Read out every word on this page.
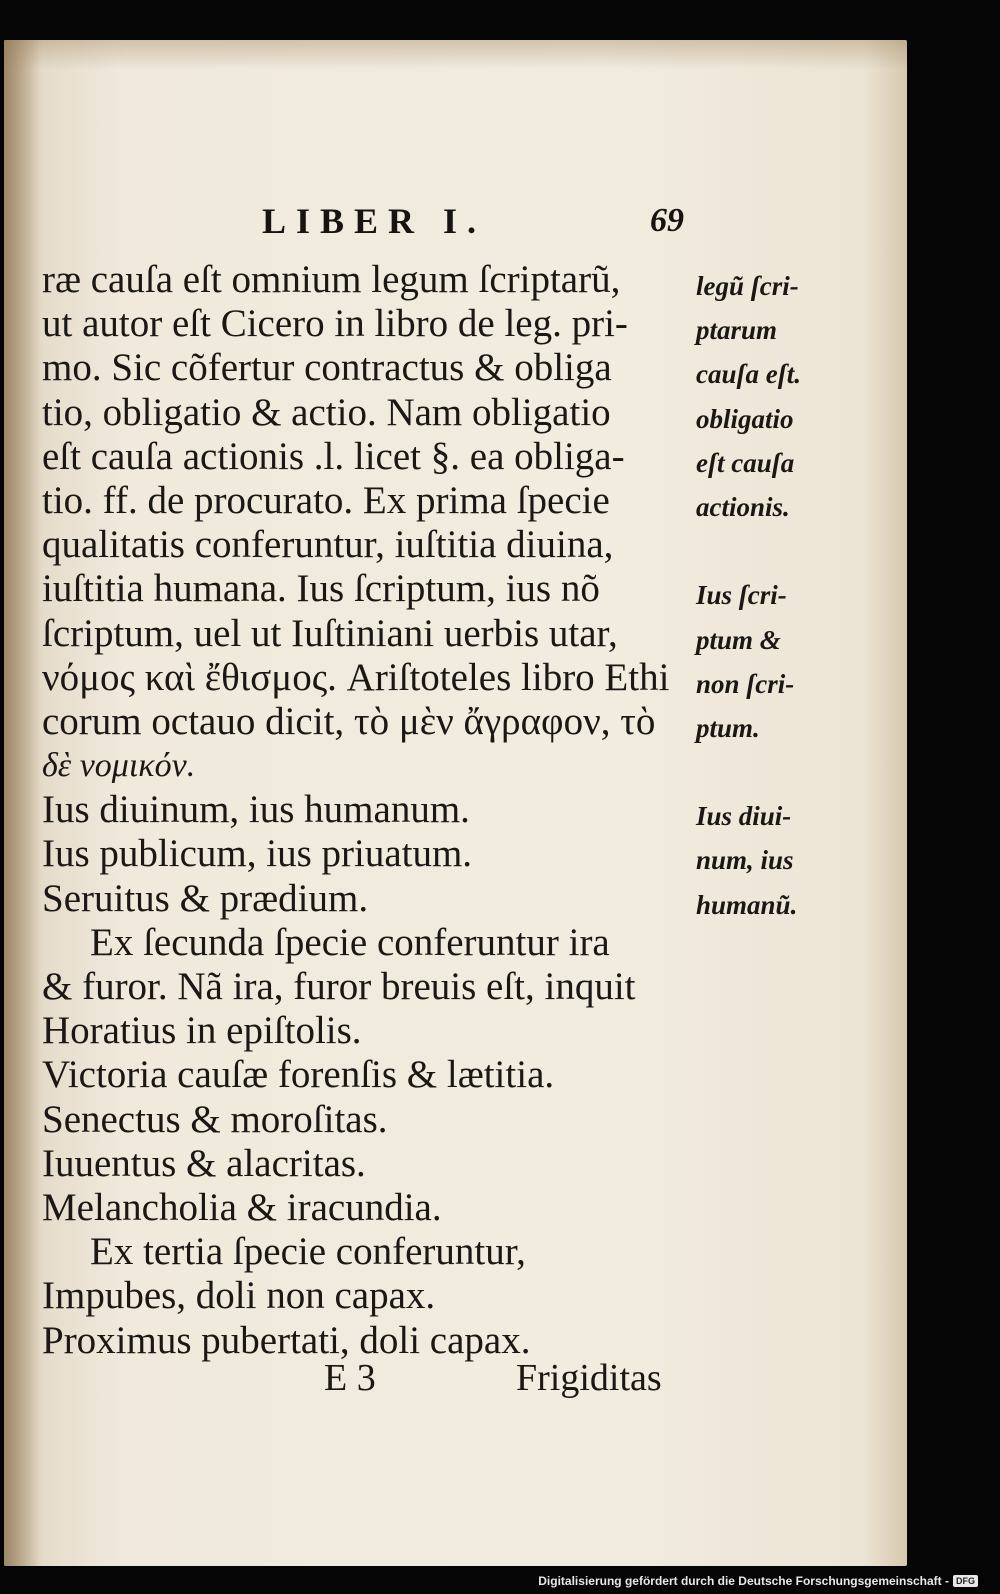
LIBER I.	69
ræ cauſa eſt omnium legum ſcriptarũ,
ut autor eſt Cicero in libro de leg. pri-
mo. Sic cõfertur contractus & obliga
tio, obligatio & actio. Nam obligatio
eſt cauſa actionis .l. licet §. ea obliga-
tio. ff. de procurato. Ex prima ſpecie
qualitatis conferuntur, iuſtitia diuina,
iuſtitia humana. Ius ſcriptum, ius nõ
ſcriptum, uel ut Iuſtiniani uerbis utar,
νόμος καὶ ἔθισμος. Ariſtoteles libro Ethi
corum octauo dicit, τὸ μὲν ἄγραφον, τὸ
δὲ νομικόν.
Ius diuinum, ius humanum.
Ius publicum, ius priuatum.
Seruitus & prædium.
Ex ſecunda ſpecie conferuntur ira
& furor. Nã ira, furor breuis eſt, inquit
Horatius in epiſtolis.
Victoria cauſæ forenſis & lætitia.
Senectus & moroſitas.
Iuuentus & alacritas.
Melancholia & iracundia.
Ex tertia ſpecie conferuntur,
Impubes, doli non capax.
Proximus pubertati, doli capax.
legũ ſcri-
ptarum
cauſa eſt.
obligatio
eſt cauſa
actionis.
Ius ſcri-
ptum &
non ſcri-
ptum.
Ius diui-
num, ius
humanũ.
E 3	Frigiditas
Digitalisierung gefördert durch die Deutsche Forschungsgemeinschaft - DFG
